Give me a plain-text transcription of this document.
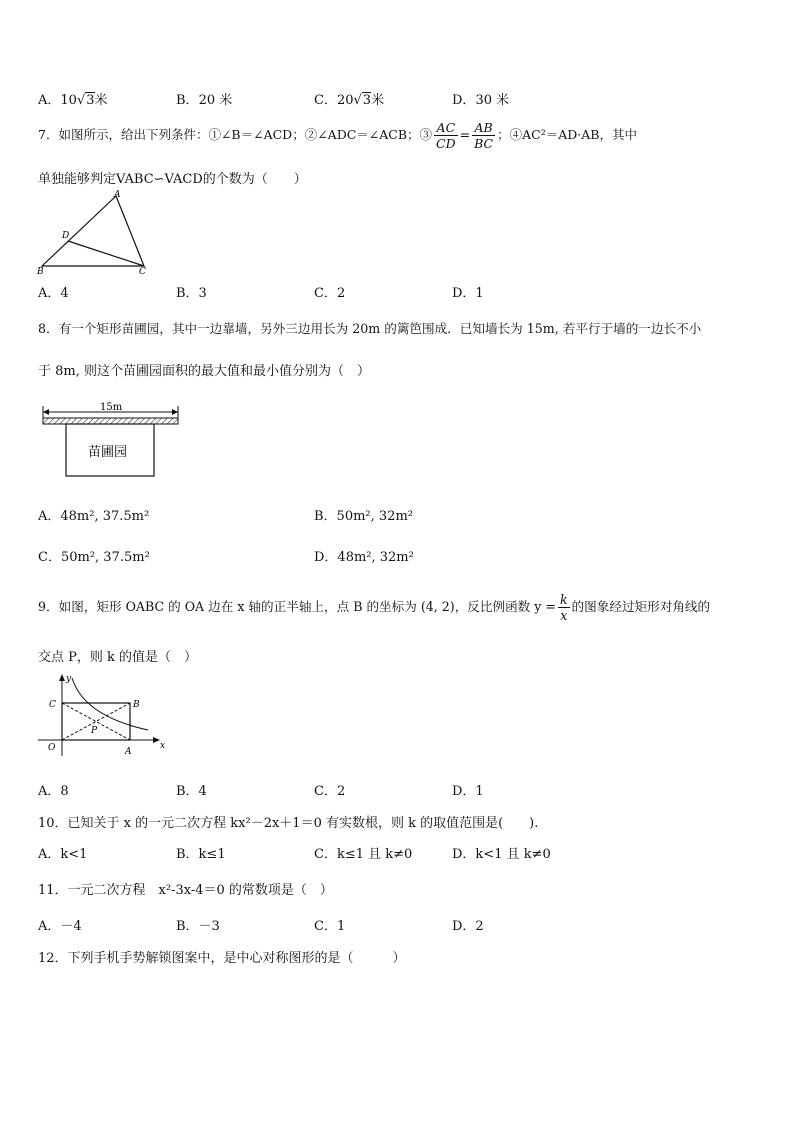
A．10√3米	B．20 米	C．20√3米	D．30 米
7．如图所示，给出下列条件：①∠B＝∠ACD；②∠ADC＝∠ACB；③ $\frac{AC}{CD} = \frac{AB}{BC}$ ；④AC²＝AD·AB，其中
单独能够判定VABC∽VACD的个数为（　　）
A
B	C
D
A．4	B．3	C．2	D．1
8．有一个矩形苗圃园，其中一边靠墙，另外三边用长为 20m 的篱笆围成．已知墙长为 15m, 若平行于墙的一边长不小
于 8m, 则这个苗圃园面积的最大值和最小值分别为（　）
15m
苗圃园
A．48m², 37.5m²	B．50m², 32m²
C．50m², 37.5m²	D．48m², 32m²
9．如图，矩形 OABC 的 OA 边在 x 轴的正半轴上，点 B 的坐标为 (4, 2)，反比例函数 $y = \frac{k}{x}$ 的图象经过矩形对角线的
交点 P，则 k 的值是（　）
y
x
O	A
B
C
P
A．8	B．4	C．2	D．1
10．已知关于 x 的一元二次方程 kx²－2x＋1＝0 有实数根，则 k 的取值范围是(　　).
A．k<1	B．k≤1	C．k≤1 且 k≠0	D．k<1 且 k≠0
11．一元二次方程　x²-3x-4＝0 的常数项是（　）
A．－4	B．－3	C．1	D．2
12．下列手机手势解锁图案中，是中心对称图形的是（　　　）
